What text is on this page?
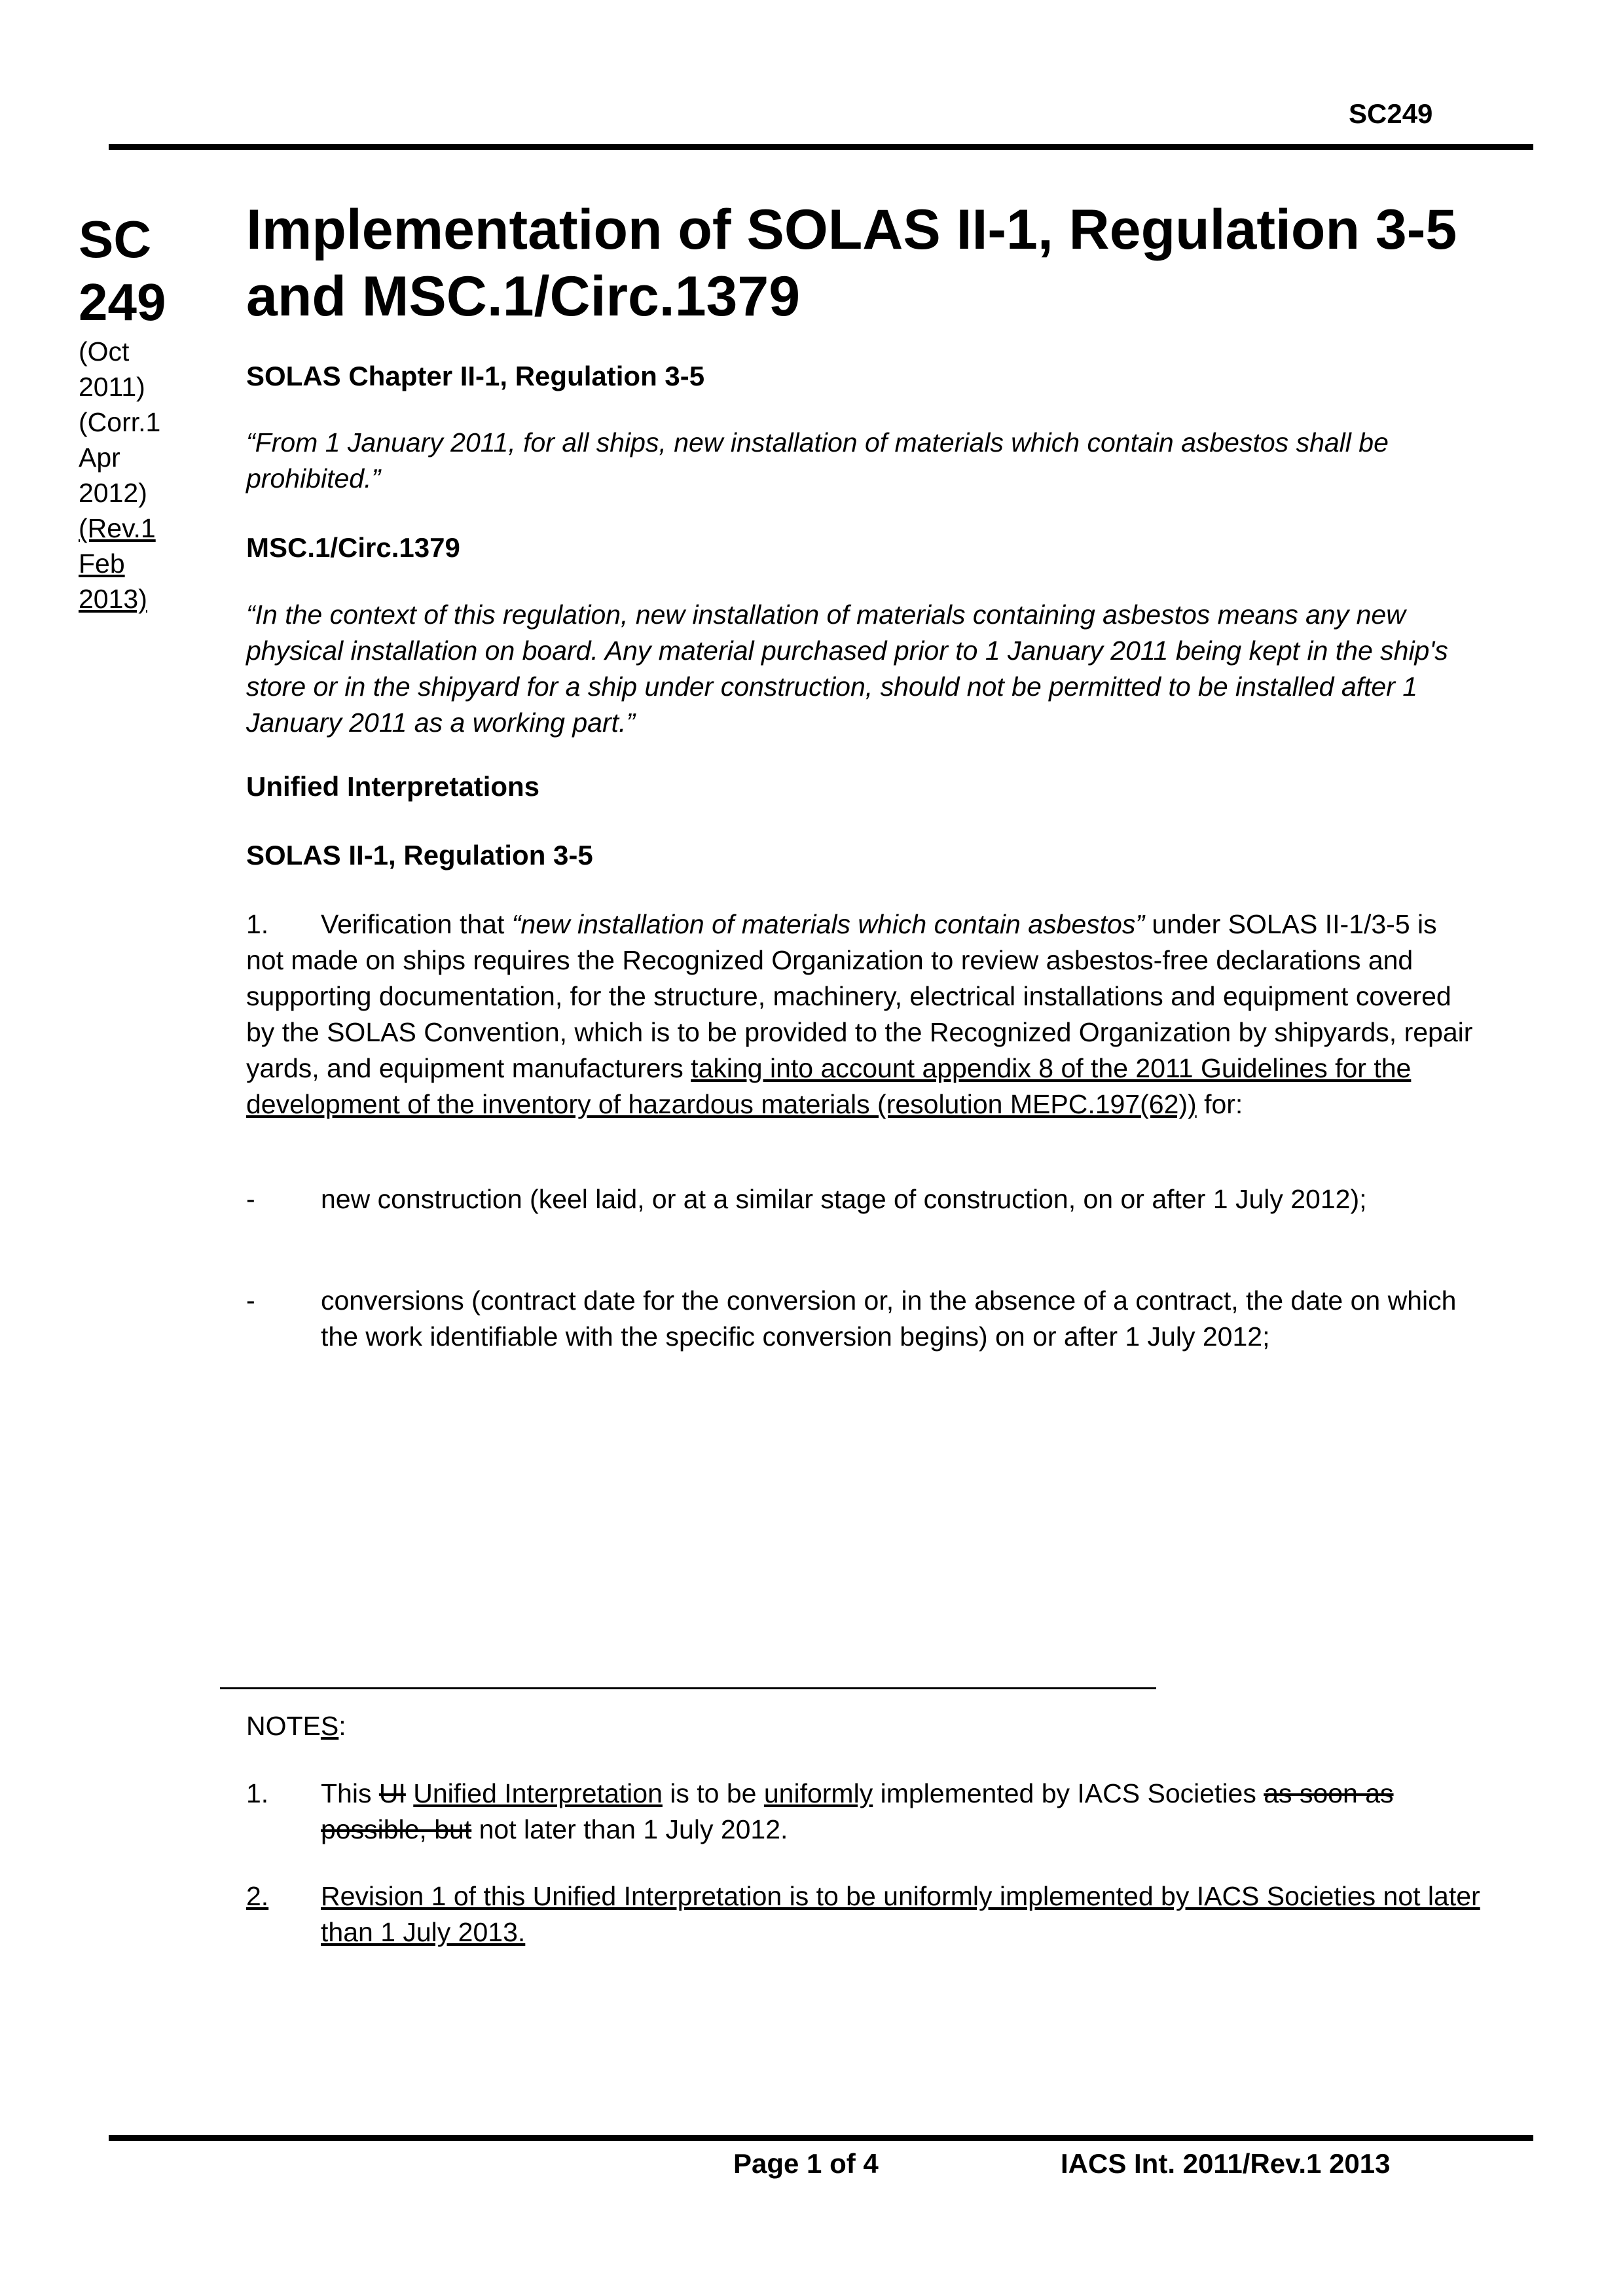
SC249
SC
249
(Oct
2011)
(Corr.1
Apr
2012)
(Rev.1
Feb
2013)
Implementation of SOLAS II-1, Regulation 3-5
and MSC.1/Circ.1379
SOLAS Chapter II-1, Regulation 3-5
“From 1 January 2011, for all ships, new installation of materials which contain asbestos shall be prohibited.”
MSC.1/Circ.1379
“In the context of this regulation, new installation of materials containing asbestos means any new physical installation on board. Any material purchased prior to 1 January 2011 being kept in the ship's store or in the shipyard for a ship under construction, should not be permitted to be installed after 1 January 2011 as a working part.”
Unified Interpretations
SOLAS II-1, Regulation 3-5
1.	Verification that “new installation of materials which contain asbestos” under SOLAS II-1/3-5 is not made on ships requires the Recognized Organization to review asbestos-free declarations and supporting documentation, for the structure, machinery, electrical installations and equipment covered by the SOLAS Convention, which is to be provided to the Recognized Organization by shipyards, repair yards, and equipment manufacturers taking into account appendix 8 of the 2011 Guidelines for the development of the inventory of hazardous materials (resolution MEPC.197(62)) for:
- new construction (keel laid, or at a similar stage of construction, on or after 1 July 2012);
- conversions (contract date for the conversion or, in the absence of a contract, the date on which the work identifiable with the specific conversion begins) on or after 1 July 2012;
NOTES:
1. This UI Unified Interpretation is to be uniformly implemented by IACS Societies as soon as possible, but not later than 1 July 2012.
2. Revision 1 of this Unified Interpretation is to be uniformly implemented by IACS Societies not later than 1 July 2013.
Page 1 of 4	IACS Int. 2011/Rev.1 2013
